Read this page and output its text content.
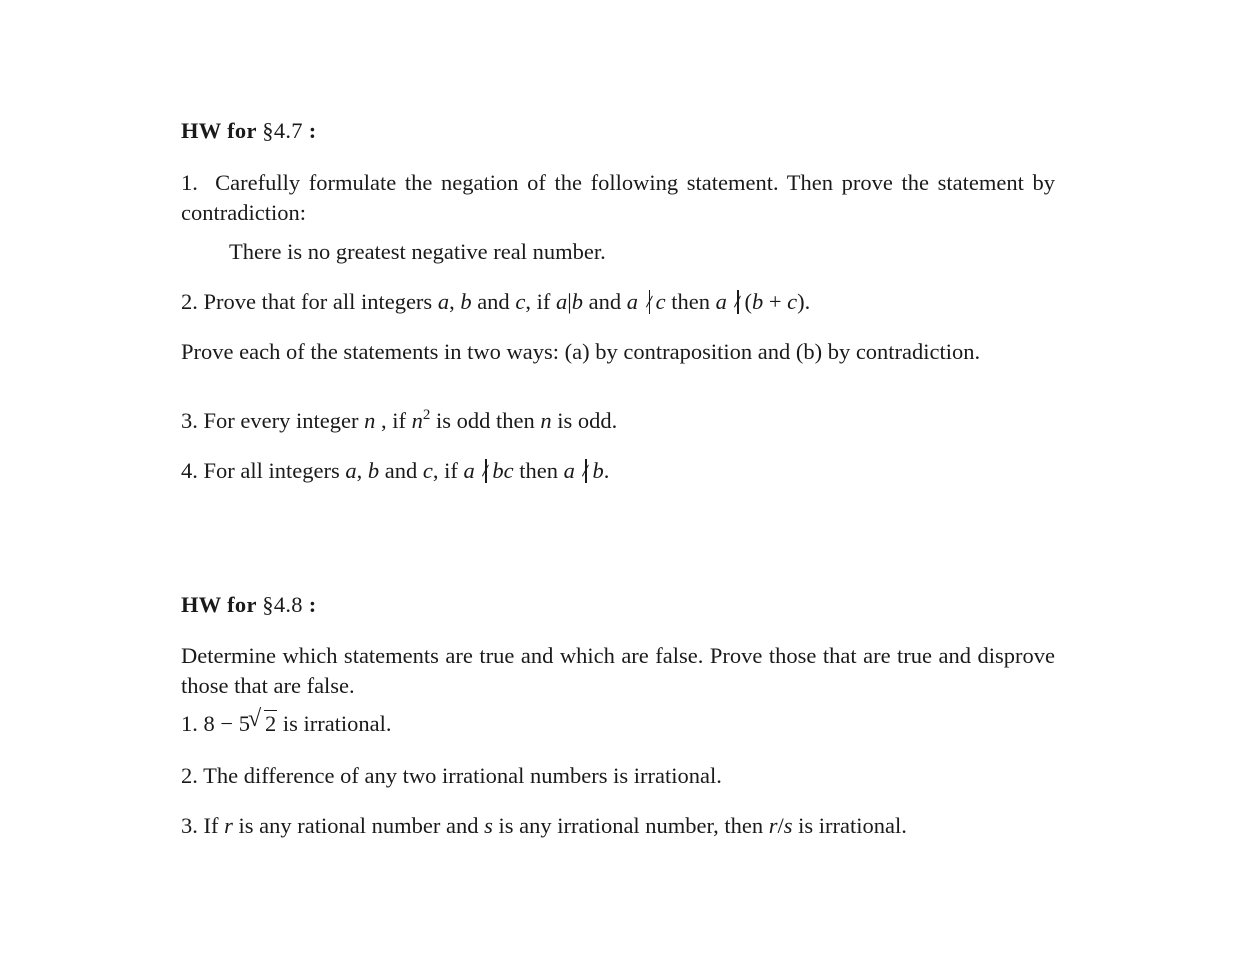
HW for §4.7 :
1. Carefully formulate the negation of the following statement. Then prove the statement by contradiction:
There is no greatest negative real number.
2. Prove that for all integers a, b and c, if a|b and a c then a (b + c).
Prove each of the statements in two ways: (a) by contraposition and (b) by contradiction.
3. For every integer n , if $n^2$ is odd then n is odd.
4. For all integers a, b and c, if a bc then a b.
HW for §4.8 :
Determine which statements are true and which are false. Prove those that are true and disprove those that are false.
1. 8 − 5
√ 2 is irrational.
2. The difference of any two irrational numbers is irrational.
3. If r is any rational number and s is any irrational number, then r/s is irrational.
